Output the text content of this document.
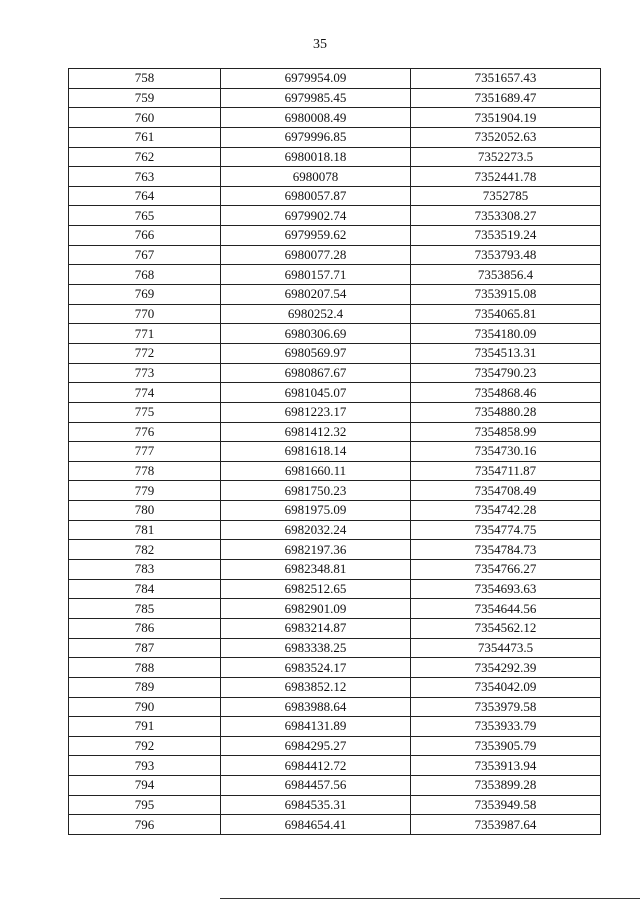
35
758	6979954.09	7351657.43
759	6979985.45	7351689.47
760	6980008.49	7351904.19
761	6979996.85	7352052.63
762	6980018.18	7352273.5
763	6980078	7352441.78
764	6980057.87	7352785
765	6979902.74	7353308.27
766	6979959.62	7353519.24
767	6980077.28	7353793.48
768	6980157.71	7353856.4
769	6980207.54	7353915.08
770	6980252.4	7354065.81
771	6980306.69	7354180.09
772	6980569.97	7354513.31
773	6980867.67	7354790.23
774	6981045.07	7354868.46
775	6981223.17	7354880.28
776	6981412.32	7354858.99
777	6981618.14	7354730.16
778	6981660.11	7354711.87
779	6981750.23	7354708.49
780	6981975.09	7354742.28
781	6982032.24	7354774.75
782	6982197.36	7354784.73
783	6982348.81	7354766.27
784	6982512.65	7354693.63
785	6982901.09	7354644.56
786	6983214.87	7354562.12
787	6983338.25	7354473.5
788	6983524.17	7354292.39
789	6983852.12	7354042.09
790	6983988.64	7353979.58
791	6984131.89	7353933.79
792	6984295.27	7353905.79
793	6984412.72	7353913.94
794	6984457.56	7353899.28
795	6984535.31	7353949.58
796	6984654.41	7353987.64
